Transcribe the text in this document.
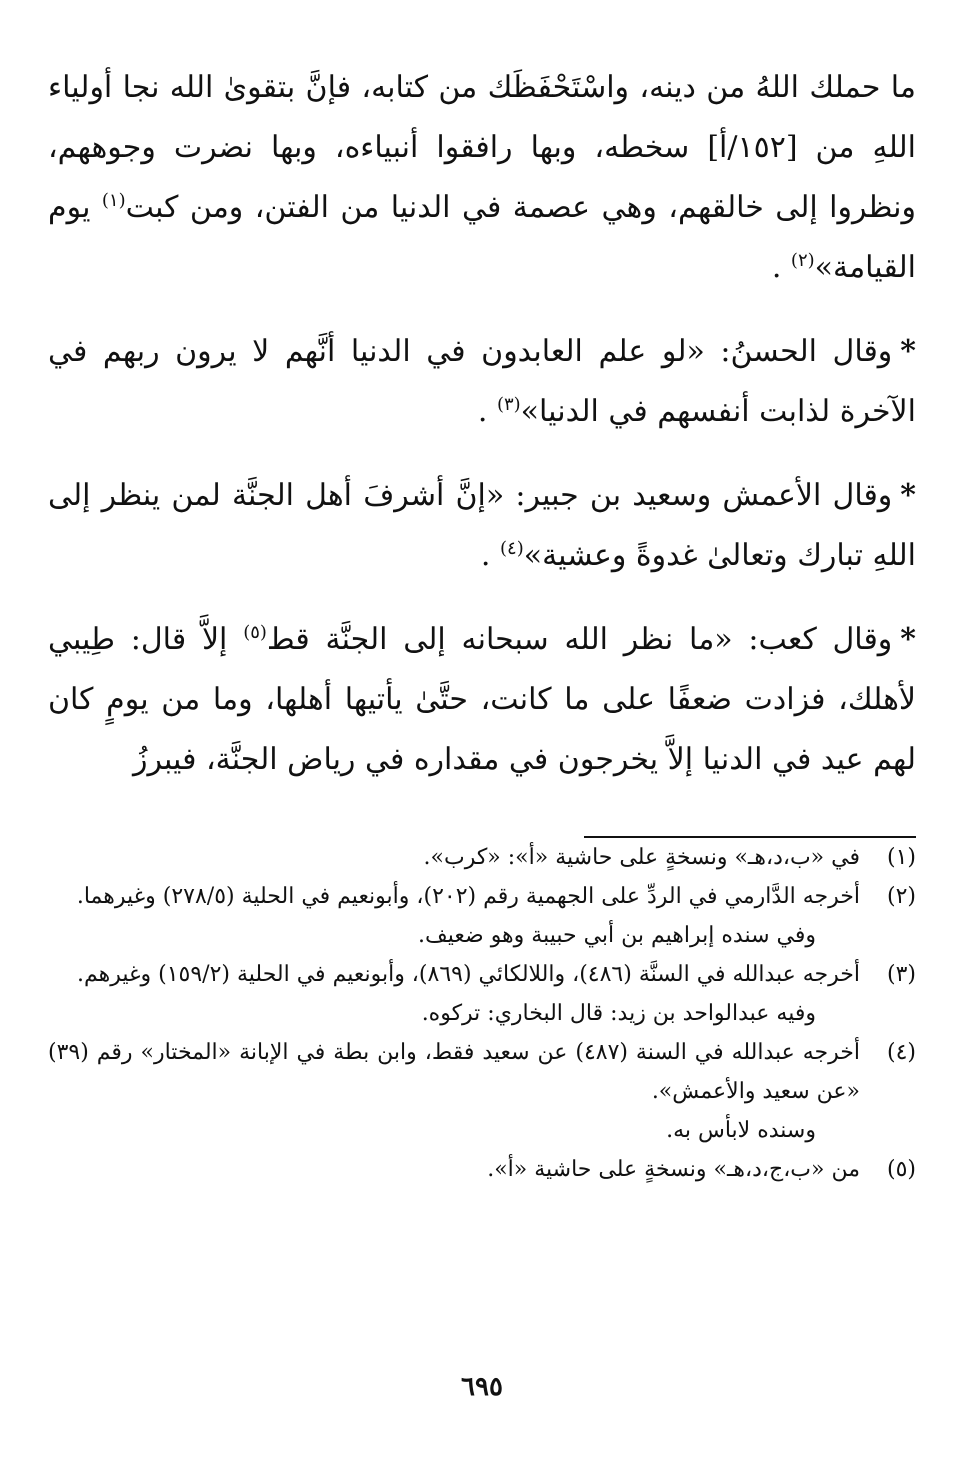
ما حملك اللهُ من دينه، واسْتَحْفَظَك من كتابه، فإنَّ بتقوىٰ الله نجا أولياء اللهِ من [١٥٢/أ] سخطه، وبها رافقوا أنبياءه، وبها نضرت وجوههم، ونظروا إلى خالقهم، وهي عصمة في الدنيا من الفتن، ومن كبت$^{(١)}$ يوم القيامة»$^{(٢)}$ .

*وقال الحسنُ: «لو علم العابدون في الدنيا أنَّهم لا يرون ربهم في الآخرة لذابت أنفسهم في الدنيا»$^{(٣)}$ .

*وقال الأعمش وسعيد بن جبير: «إنَّ أشرفَ أهل الجنَّة لمن ينظر إلى اللهِ تبارك وتعالىٰ غدوةً وعشية»$^{(٤)}$ .

*وقال كعب: «ما نظر الله سبحانه إلى الجنَّة قط$^{(٥)}$ إلاَّ قال: طِيبي لأهلك، فزادت ضعفًا على ما كانت، حتَّىٰ يأتيها أهلها، وما من يومٍ كان لهم عيد في الدنيا إلاَّ يخرجون في مقداره في رياض الجنَّة، فيبرزُ

(١)
في «ب،د،هـ» ونسخةٍ على حاشية «أ»: «كرب».
(٢)
أخرجه الدَّارمي في الردِّ على الجهمية رقم (٢٠٢)، وأبونعيم في الحلية (٢٧٨/٥) وغيرهما.
وفي سنده إبراهيم بن أبي حبيبة وهو ضعيف.
(٣)
أخرجه عبدالله في السنَّة (٤٨٦)، واللالكائي (٨٦٩)، وأبونعيم في الحلية (١٥٩/٢) وغيرهم.
وفيه عبدالواحد بن زيد: قال البخاري: تركوه.
(٤)
أخرجه عبدالله في السنة (٤٨٧) عن سعيد فقط، وابن بطة في الإبانة «المختار» رقم (٣٩) «عن سعيد والأعمش».
وسنده لابأس به.
(٥)
من «ب،ج،د،هـ» ونسخةٍ على حاشية «أ».
٦٩٥
